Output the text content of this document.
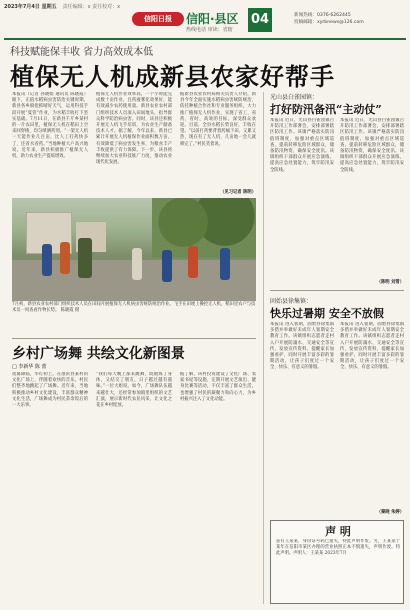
2023年7月4日 星期五 责任编辑：x 责任校对：x
信阳日报	信阳·县区
热线电话 审读：省辖
04	新闻热线：0376-6262445
投稿邮箱：xyrbnews@126.com
科技赋能保丰收 省力高效成本低
植保无人机成新县农家好帮手
本报讯（记者 孙晓娟 通讯员 陈晓霞）眼下，正值水稻病虫害防治关键时期，新县各乡镇抢抓晴好天气，运用科技手段开展“夏管”作业，为水稻丰收打下坚实基础。7月11日，在新县千斤乡某村的一片农田里，植保无人机在稻田上空来回穿梭，均匀喷洒药剂。“一架无人机一天能作业几百亩，比人工打药快多了，还省水省药。”当地种植大户高兴地说。近年来，新县积极推广植保无人机，助力农业生产提质增效。
植保无人机作业效率高，一个小时能完成数十亩作业，且药液雾化效果好，能有效减少农药使用量。新县农业农村部门组织技术人员深入田间地头，指导群众科学防治病虫害。同时，该县还积极开展无人机飞手培训，为农业生产储备技术人才。据了解，今年以来，新县已累计开展无人机植保作业面积数万亩，有效降低了病虫害发生率，为粮食丰产丰收提供了有力保障。下一步，该县将继续加大农业科技推广力度，推动农业现代化发展。
据新县农业农村局相关负责人介绍，新县今年全面实施水稻病虫害统防统治，依托种植合作社和专业服务组织，大力推广植保无人机作业，实现了省工、省药、省时、高效的目标，深受群众欢迎。目前，全县水稻长势良好，丰收在望。“以前打药要背着药桶下田，又累又热，现在有了无人机，几亩地一会儿就喷完了。”村民笑着说。
（见习记者 陈明）
7月初，新县农业农村部门组织技术人员在田间开展植保无人机病虫害统防统治作业。飞手在田埂上操控无人机，稻田里农户与技术员一同查看作物长势。 陈晓霞 摄
光山县白雀园镇：
打好防汛备汛“主动仗”
本报讯 近日，光山县白雀园镇召开防汛工作部署会，安排部署辖区防汛工作。该镇严格落实防汛值班制度，加强对重点区域巡查，提前转移危险区域群众，储备防汛物资，确保安全度汛。该镇组织干部群众开展应急演练，提高应急处置能力，筑牢防汛安全防线。
本报讯 近日，光山县白雀园镇召开防汛工作部署会，安排部署辖区防汛工作。该镇严格落实防汛值班制度，加强对重点区域巡查，提前转移危险区域群众，储备防汛物资，确保安全度汛。该镇组织干部群众开展应急演练，提高应急处置能力，筑牢防汛安全防线。
（陈明 刘雪）
固始县徐集镇：
快乐过暑期 安全不放假
本报讯 进入暑期，固始县徐集镇多措并举做好未成年人暑期安全教育工作。该镇组织志愿者走村入户开展防溺水、交通安全等宣传，发放宣传资料，提醒家长加强看护，同时开展丰富多彩的暑期活动，让孩子们度过一个安全、快乐、有意义的暑假。
本报讯 进入暑期，固始县徐集镇多措并举做好未成年人暑期安全教育工作。该镇组织志愿者走村入户开展防溺水、交通安全等宣传，发放宣传资料，提醒家长加强看护，同时开展丰富多彩的暑期活动，让孩子们度过一个安全、快乐、有意义的暑假。
（秦晓 朱婷）
乡村广场舞 共绘文化新图景
□ 李新华 陈 蕾
夜幕降临，华灯初上。在淮滨县某村的文化广场上，伴随着欢快的音乐，村民们整齐地跳起了广场舞。近年来，当地积极推动乡村文化建设，丰富群众精神文化生活，广场舞成为村民茶余饭后的一大乐事。
“我们每天晚上都来跳舞，既锻炼了身体，又结交了朋友，日子越过越有滋味。”一位大姐说。如今，广场舞队伍越来越壮大，还经常参加镇里组织的文艺汇演，展示新时代农民风采，让文化之花在乡村绽放。
据了解，该村投资建设了文化广场、农家书屋等设施，定期开展文艺演出、健身比赛等活动，不仅丰富了群众生活，也增强了村民的凝聚力和向心力，为乡村振兴注入了文化动能。
声 明
兹有王某某，身份证号码已遗失，特此声明作废。另，王某某于某年在信阳市某区办理的营业执照正本不慎遗失，声明作废。特此声明。声明人：王某某 2023年7月
